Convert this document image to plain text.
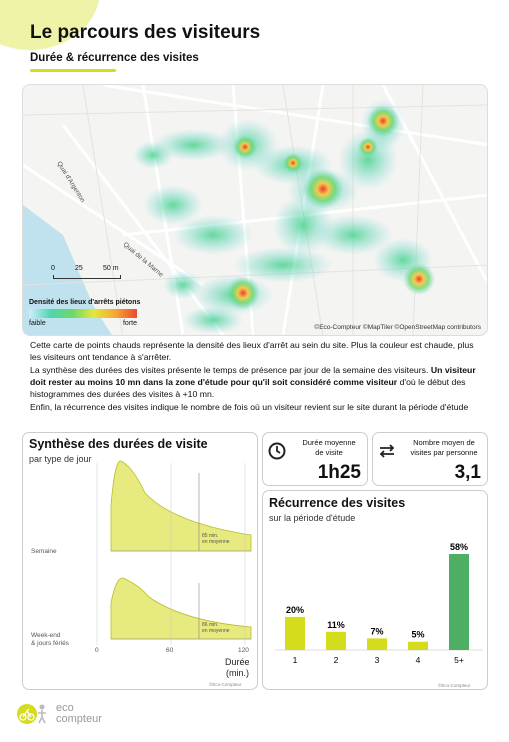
Le parcours des visiteurs
Durée & récurrence des visites
Quai d'Argenton
Quai de la Marne
0	25	50 m
Densité des lieux d'arrêts piétons
faible	forte
©Eco-Compteur ©MapTiler ©OpenStreetMap contributors
Cette carte de points chauds représente la densité des lieux d'arrêt au sein du site. Plus la couleur est chaude, plus les visiteurs ont tendance à s'arrêter.
La synthèse des durées des visites présente le temps de présence par jour de la semaine des visiteurs. Un visiteur doit rester au moins 10 mn dans la zone d'étude pour qu'il soit considéré comme visiteur d'où le début des histogrammes des durées des visites à +10 mn.
Enfin, la récurrence des visites indique le nombre de fois où un visiteur revient sur le site durant la période d'étude
Synthèse des durées de visite
par type de jour
85 min.
en moyenne
Semaine
86 min.
en moyenne
Week-end
& jours fériés
0	60	120
Durée
(min.)
©Eco-Compteur
Durée moyenne
de visite
1h25
Nombre moyen de
visites par personne
3,1
Récurrence des visites
sur la période d'étude
©Eco-Compteur
20%
1
11%
2
7%
3
5%
4
58%
5+
eco
compteur
